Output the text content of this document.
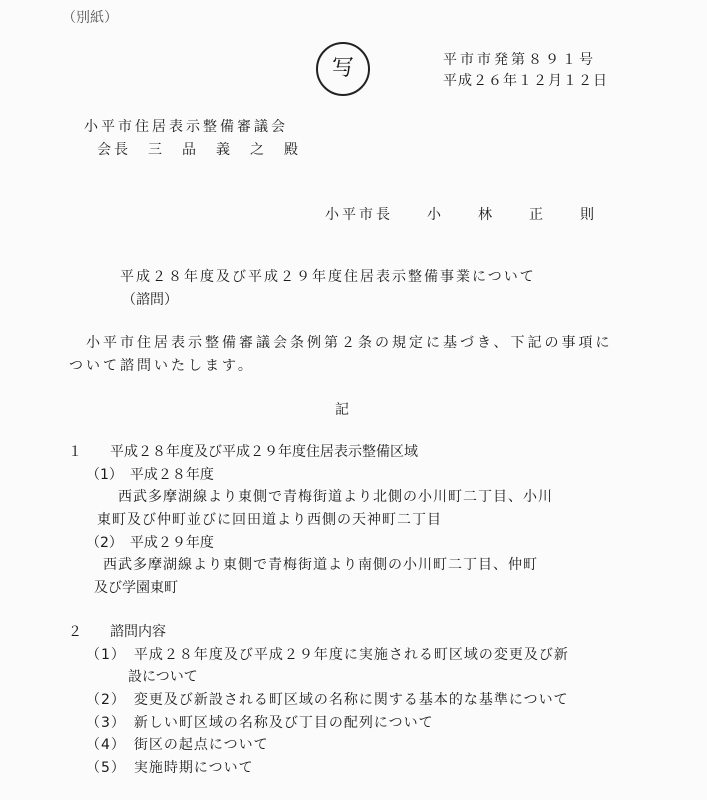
（別紙）
写	平市市発第８９１号
平成２６年１２月１２日
小平市住居表示整備審議会
会長　三　品　義　之　殿
小平市長　　小　　林　　正　　則
平成２８年度及び平成２９年度住居表示整備事業について
（諮問）
小平市住居表示整備審議会条例第２条の規定に基づき、下記の事項に
ついて諮問いたします。
記
１　　平成２８年度及び平成２９年度住居表示整備区域
（1）　平成２８年度
西武多摩湖線より東側で青梅街道より北側の小川町二丁目、小川
東町及び仲町並びに回田道より西側の天神町二丁目
（2）　平成２９年度
西武多摩湖線より東側で青梅街道より南側の小川町二丁目、仲町
及び学園東町
２　　諮問内容
（1）　平成２８年度及び平成２９年度に実施される町区域の変更及び新
設について
（2）　変更及び新設される町区域の名称に関する基本的な基準について
（3）　新しい町区域の名称及び丁目の配列について
（4）　街区の起点について
（5）　実施時期について
